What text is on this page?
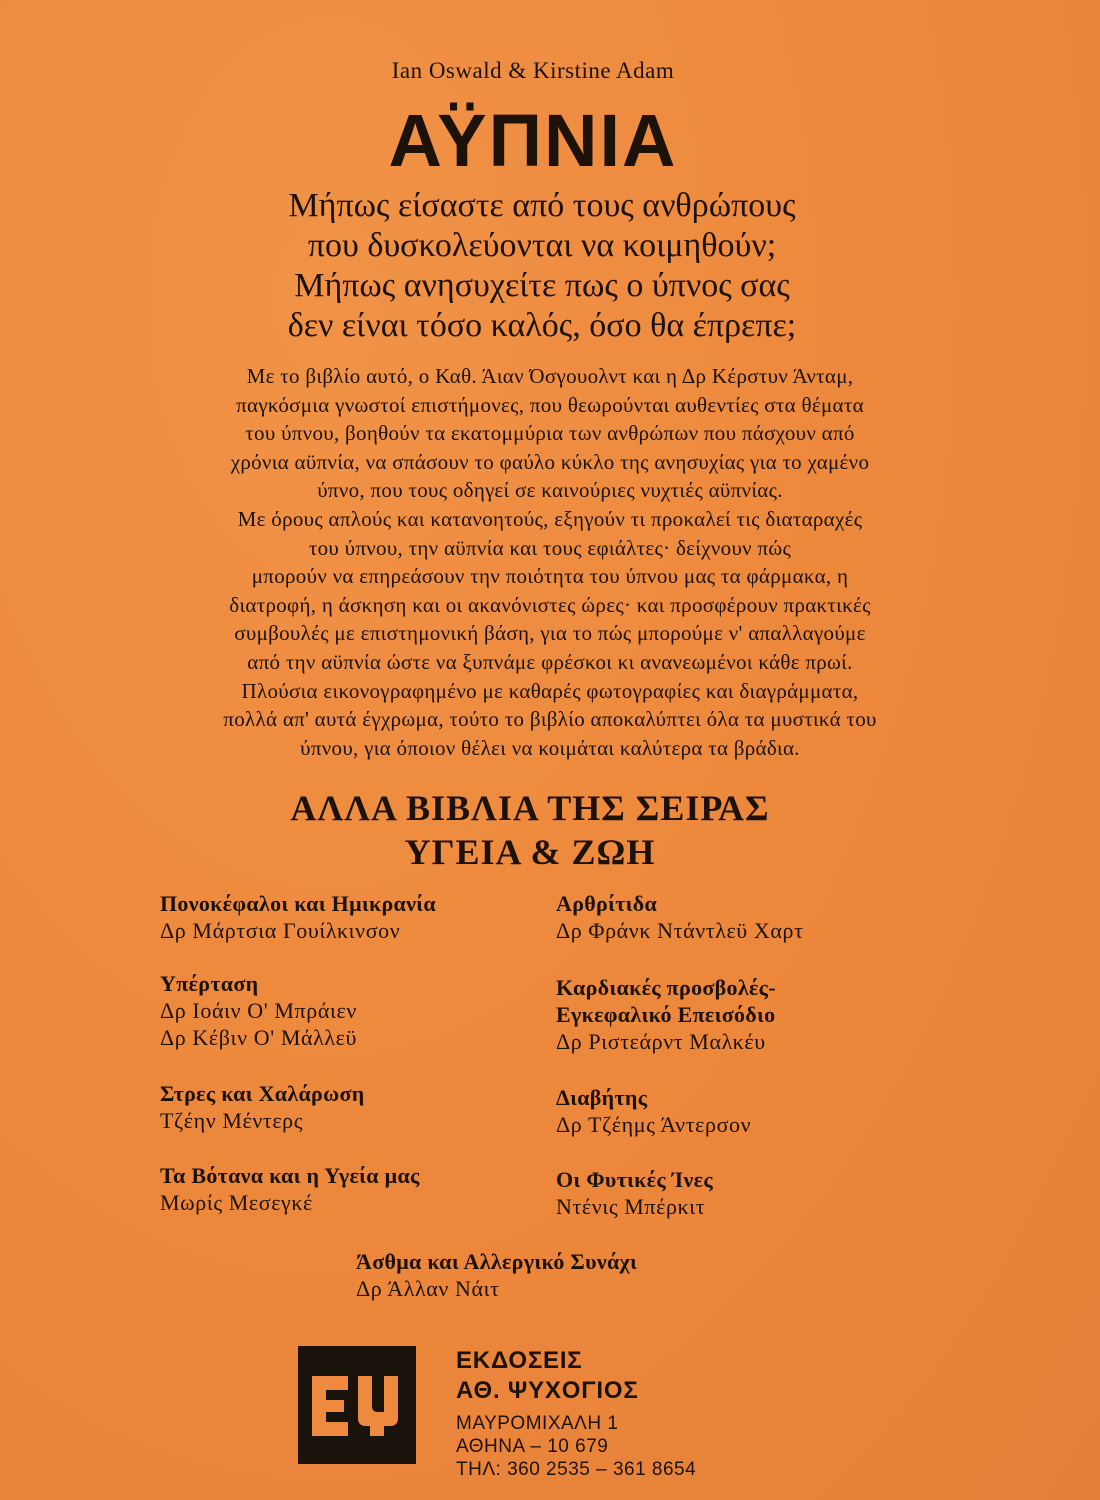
Ian Oswald & Kirstine Adam
ΑΫΠΝΙΑ
Μήπως είσαστε από τους ανθρώπους
που δυσκολεύονται να κοιμηθούν;
Μήπως ανησυχείτε πως ο ύπνος σας
δεν είναι τόσο καλός, όσο θα έπρεπε;
Με το βιβλίο αυτό, ο Καθ. Άιαν Όσγουολντ και η Δρ Κέρστυν Άνταμ,
παγκόσμια γνωστοί επιστήμονες, που θεωρούνται αυθεντίες στα θέματα
του ύπνου, βοηθούν τα εκατομμύρια των ανθρώπων που πάσχουν από
χρόνια αϋπνία, να σπάσουν το φαύλο κύκλο της ανησυχίας για το χαμένο
ύπνο, που τους οδηγεί σε καινούριες νυχτιές αϋπνίας.
Με όρους απλούς και κατανοητούς, εξηγούν τι προκαλεί τις διαταραχές
του ύπνου, την αϋπνία και τους εφιάλτες· δείχνουν πώς
μπορούν να επηρεάσουν την ποιότητα του ύπνου μας τα φάρμακα, η
διατροφή, η άσκηση και οι ακανόνιστες ώρες· και προσφέρουν πρακτικές
συμβουλές με επιστημονική βάση, για το πώς μπορούμε ν' απαλλαγούμε
από την αϋπνία ώστε να ξυπνάμε φρέσκοι κι ανανεωμένοι κάθε πρωί.
Πλούσια εικονογραφημένο με καθαρές φωτογραφίες και διαγράμματα,
πολλά απ' αυτά έγχρωμα, τούτο το βιβλίο αποκαλύπτει όλα τα μυστικά του
ύπνου, για όποιον θέλει να κοιμάται καλύτερα τα βράδια.
ΑΛΛΑ ΒΙΒΛΙΑ ΤΗΣ ΣΕΙΡΑΣ
ΥΓΕΙΑ & ΖΩΗ
Πονοκέφαλοι και Ημικρανία
Δρ Μάρτσια Γουίλκινσον
Αρθρίτιδα
Δρ Φράνκ Ντάντλεϋ Χαρτ
Υπέρταση
Δρ Ιοάιν Ο' Μπράιεν
Δρ Κέβιν Ο' Μάλλεϋ
Καρδιακές προσβολές-
Εγκεφαλικό Επεισόδιο
Δρ Ριστεάρντ Μαλκέυ
Στρες και Χαλάρωση
Τζέην Μέντερς
Διαβήτης
Δρ Τζέημς Άντερσον
Τα Βότανα και η Υγεία μας
Μωρίς Μεσεγκέ
Οι Φυτικές Ίνες
Ντένις Μπέρκιτ
Άσθμα και Αλλεργικό Συνάχι
Δρ Άλλαν Νάιτ
ΕΚΔΟΣΕΙΣ
ΑΘ. ΨΥΧΟΓΙΟΣ
ΜΑΥΡΟΜΙΧΑΛΗ 1
ΑΘΗΝΑ – 10 679
ΤΗΛ: 360 2535 – 361 8654
